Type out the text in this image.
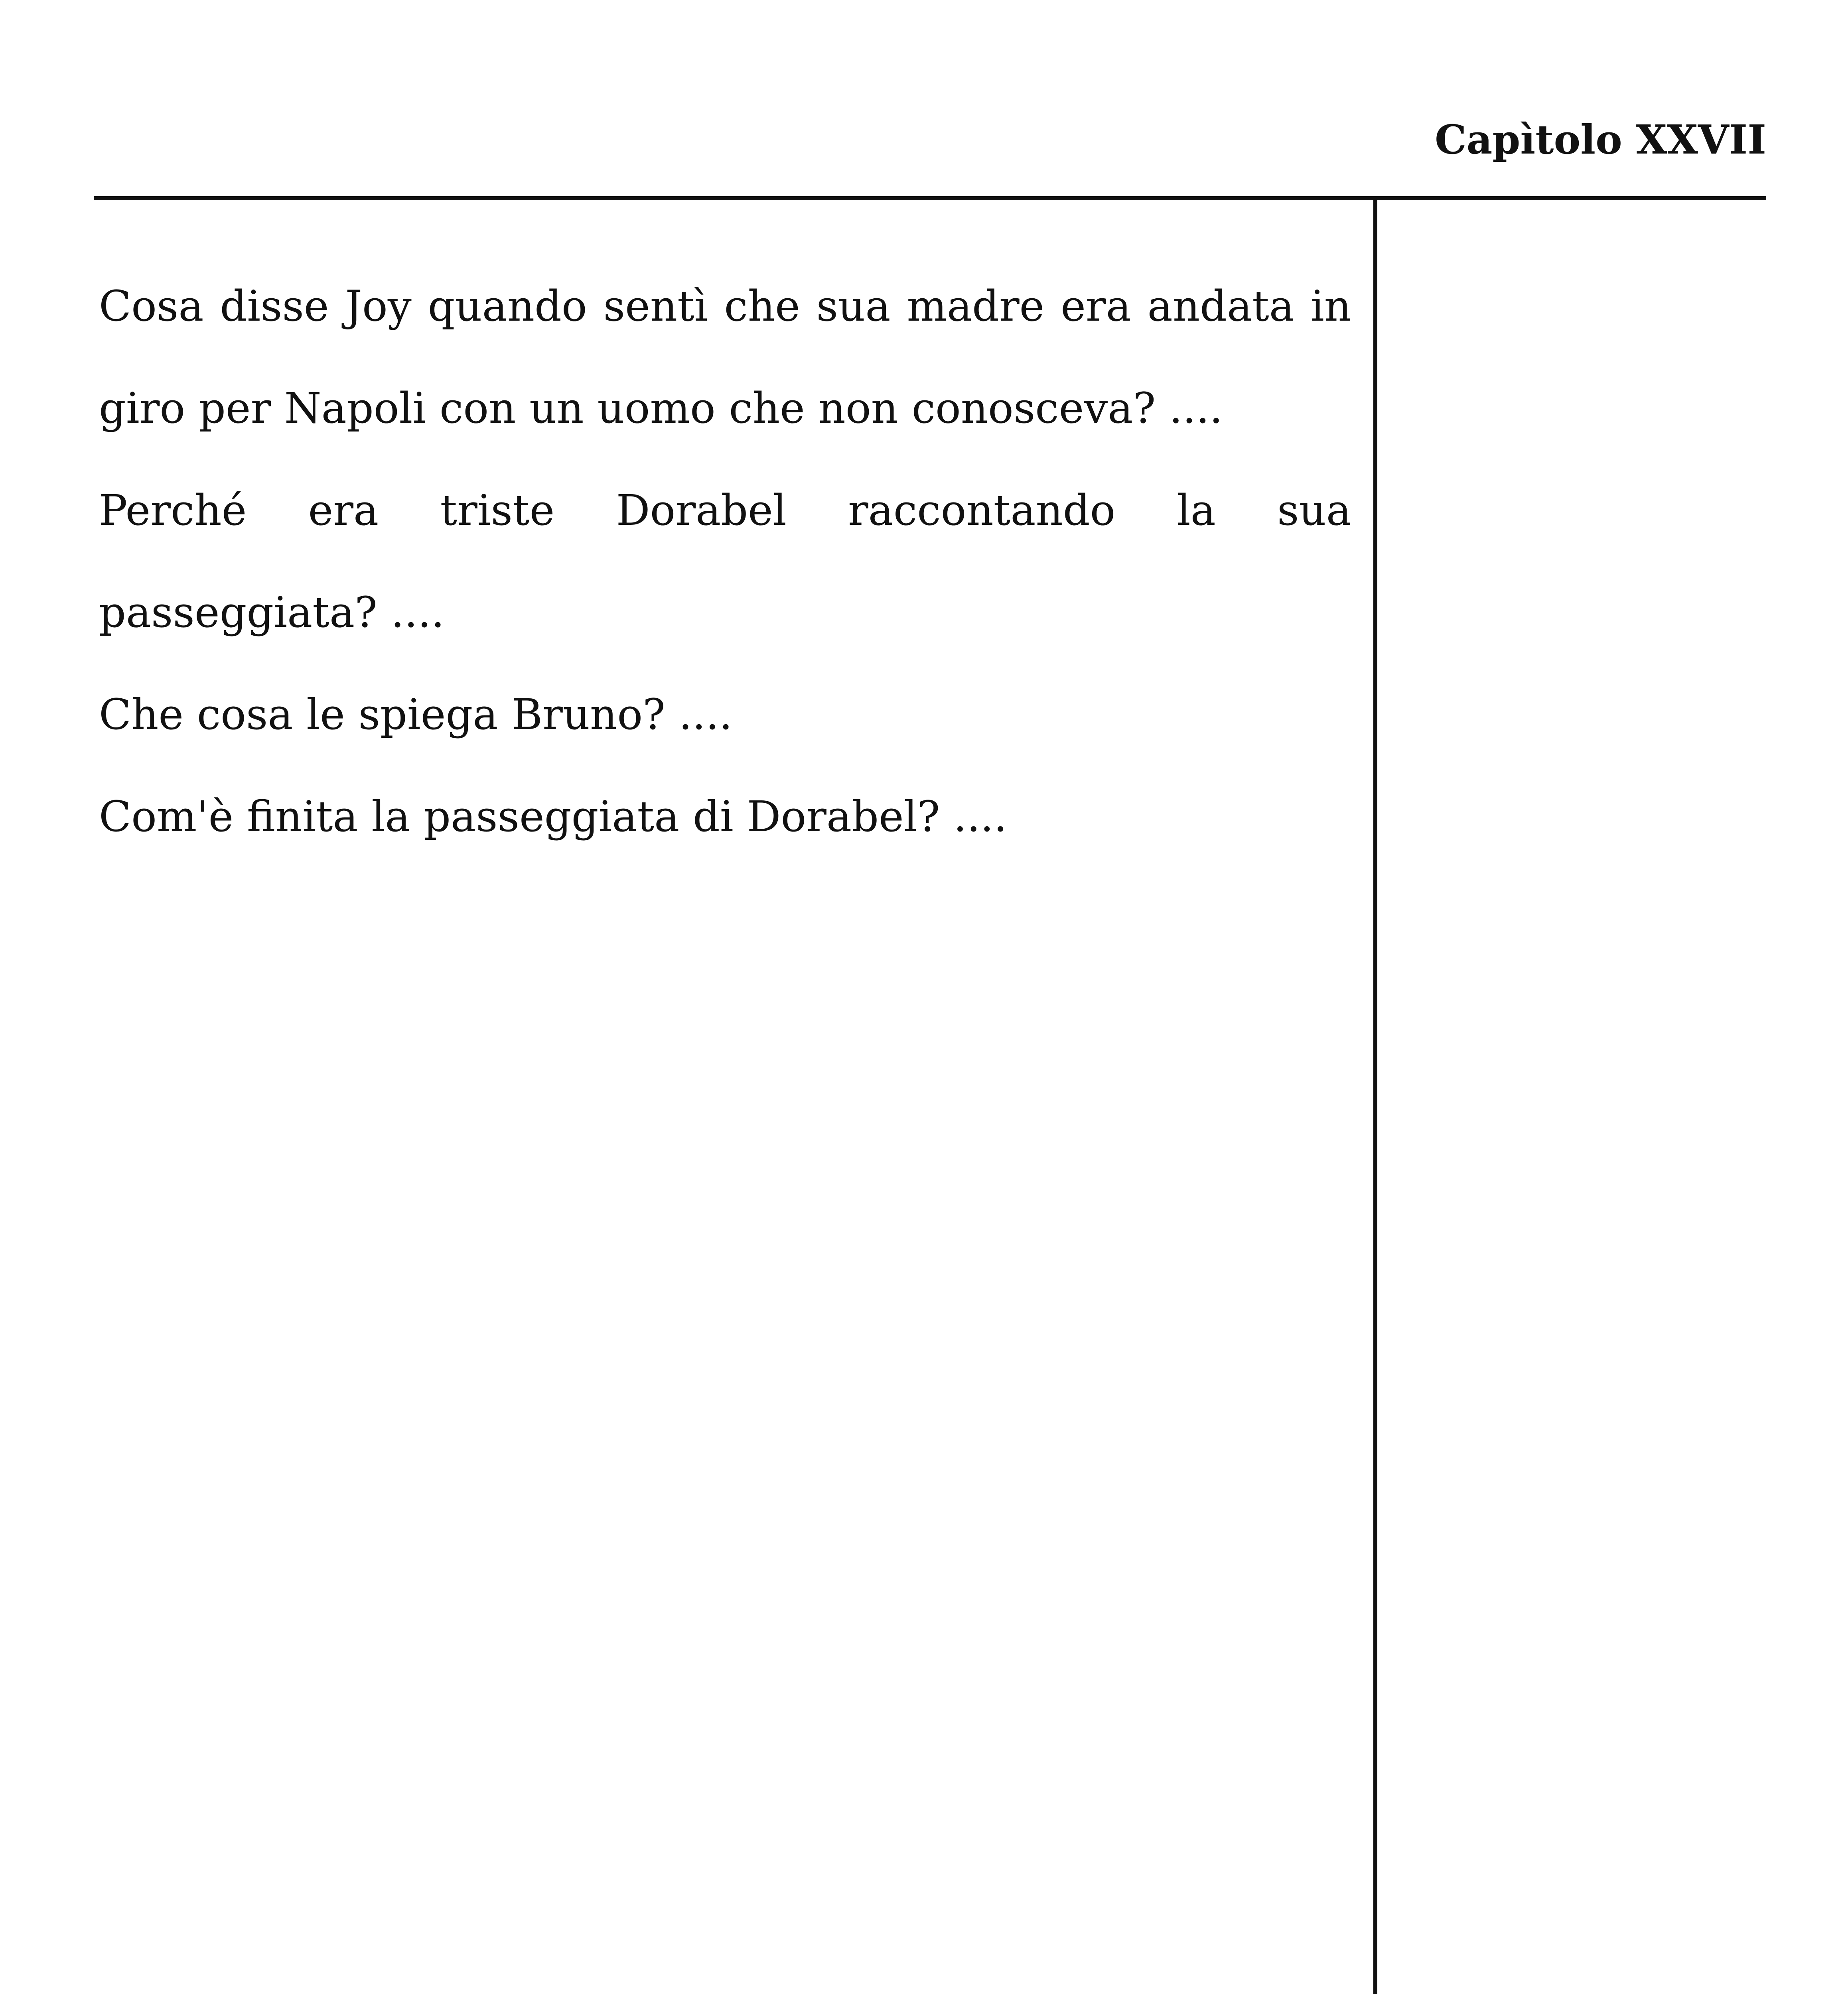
Capìtolo XXVII
Cosa disse Joy quando sentì che sua madre era andata in giro per Napoli con un uomo che non conosceva? ....
Perché era triste Dorabel raccontando la sua passeggiata? ....
Che cosa le spiega Bruno? ....
Com'è finita la passeggiata di Dorabel? ....
